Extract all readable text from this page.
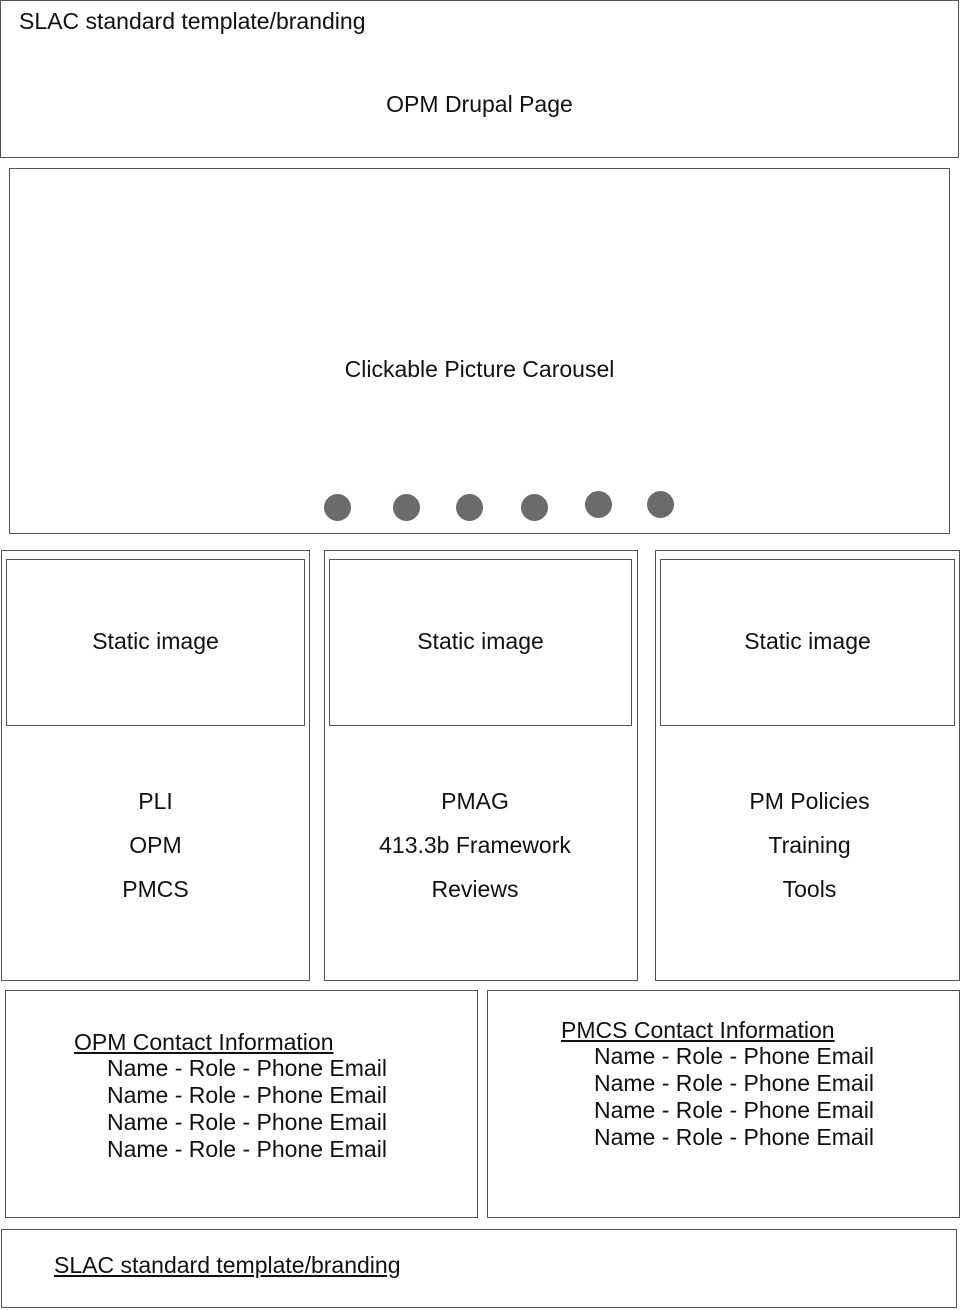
SLAC standard template/branding
OPM Drupal Page
Clickable Picture Carousel
Static image
PLI
OPM
PMCS
Static image
PMAG
413.3b Framework
Reviews
Static image
PM Policies
Training
Tools
OPM Contact Information
Name - Role - Phone Email
Name - Role - Phone Email
Name - Role - Phone Email
Name - Role - Phone Email
PMCS Contact Information
Name - Role - Phone Email
Name - Role - Phone Email
Name - Role - Phone Email
Name - Role - Phone Email
SLAC standard template/branding
